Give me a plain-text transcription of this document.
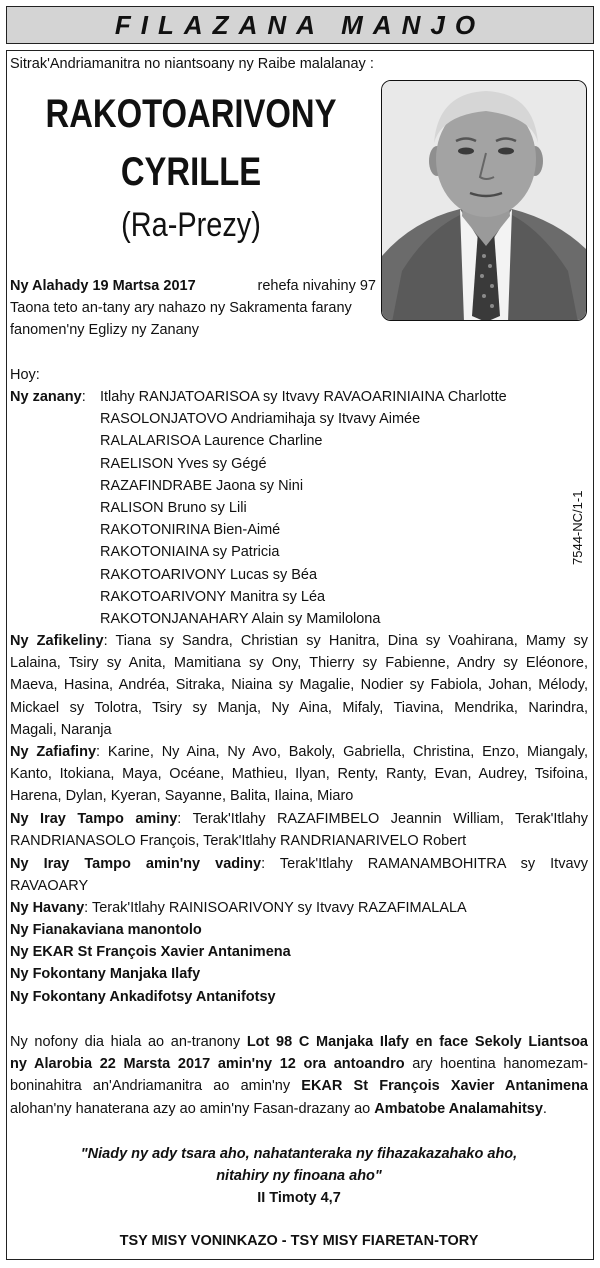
FILAZANA MANJO
Sitrak'Andriamanitra no niantsoany ny Raibe malalanay :
RAKOTOARIVONY
CYRILLE
(Ra-Prezy)
Ny Alahady 19 Martsa 2017	rehefa nivahiny 97
Taona teto an-tany ary nahazo ny Sakramenta farany
fanomen'ny Eglizy ny Zanany
Hoy:
Ny zanany: Itlahy RANJATOARISOA sy Itvavy RAVAOARINIAINA Charlotte
RASOLONJATOVO Andriamihaja sy Itvavy Aimée
RALALARISOA Laurence Charline
RAELISON Yves sy Gégé
RAZAFINDRABE Jaona sy Nini
RALISON Bruno sy Lili
RAKOTONIRINA Bien-Aimé
RAKOTONIAINA sy Patricia
RAKOTOARIVONY Lucas sy Béa
RAKOTOARIVONY Manitra sy Léa
RAKOTONJANAHARY Alain sy Mamilolona
7544-NC/1-1
Ny Zafikeliny: Tiana sy Sandra, Christian sy Hanitra, Dina sy Voahirana, Mamy sy
Lalaina, Tsiry sy Anita, Mamitiana sy Ony, Thierry sy Fabienne, Andry sy Eléonore,
Maeva, Hasina, Andréa, Sitraka, Niaina sy Magalie, Nodier sy Fabiola, Johan, Mélody,
Mickael sy Tolotra, Tsiry sy Manja, Ny Aina, Mifaly, Tiavina, Mendrika, Narindra,
Magali, Naranja
Ny Zafiafiny: Karine, Ny Aina, Ny Avo, Bakoly, Gabriella, Christina, Enzo, Miangaly,
Kanto, Itokiana, Maya, Océane, Mathieu, Ilyan, Renty, Ranty, Evan, Audrey, Tsifoina,
Harena, Dylan, Kyeran, Sayanne, Balita, Ilaina, Miaro
Ny Iray Tampo aminy: Terak'Itlahy RAZAFIMBELO Jeannin William, Terak'Itlahy
RANDRIANASOLO François, Terak'Itlahy RANDRIANARIVELO Robert
Ny Iray Tampo amin'ny vadiny: Terak'Itlahy RAMANAMBOHITRA sy Itvavy
RAVAOARY
Ny Havany: Terak'Itlahy RAINISOARIVONY sy Itvavy RAZAFIMALALA
Ny Fianakaviana manontolo
Ny EKAR St François Xavier Antanimena
Ny Fokontany Manjaka Ilafy
Ny Fokontany Ankadifotsy Antanifotsy
Ny nofony dia hiala ao an-tranony Lot 98 C Manjaka Ilafy en face Sekoly Liantsoa
ny Alarobia 22 Marsta 2017 amin'ny 12 ora antoandro ary hoentina hanomezam-
boninahitra an'Andriamanitra ao amin'ny EKAR St François Xavier Antanimena
alohan'ny hanaterana azy ao amin'ny Fasan-drazany ao Ambatobe Analamahitsy.
"Niady ny ady tsara aho, nahatanteraka ny fihazakazahako aho,
nitahiry ny finoana aho"
II Timoty 4,7
TSY MISY VONINKAZO - TSY MISY FIARETAN-TORY
